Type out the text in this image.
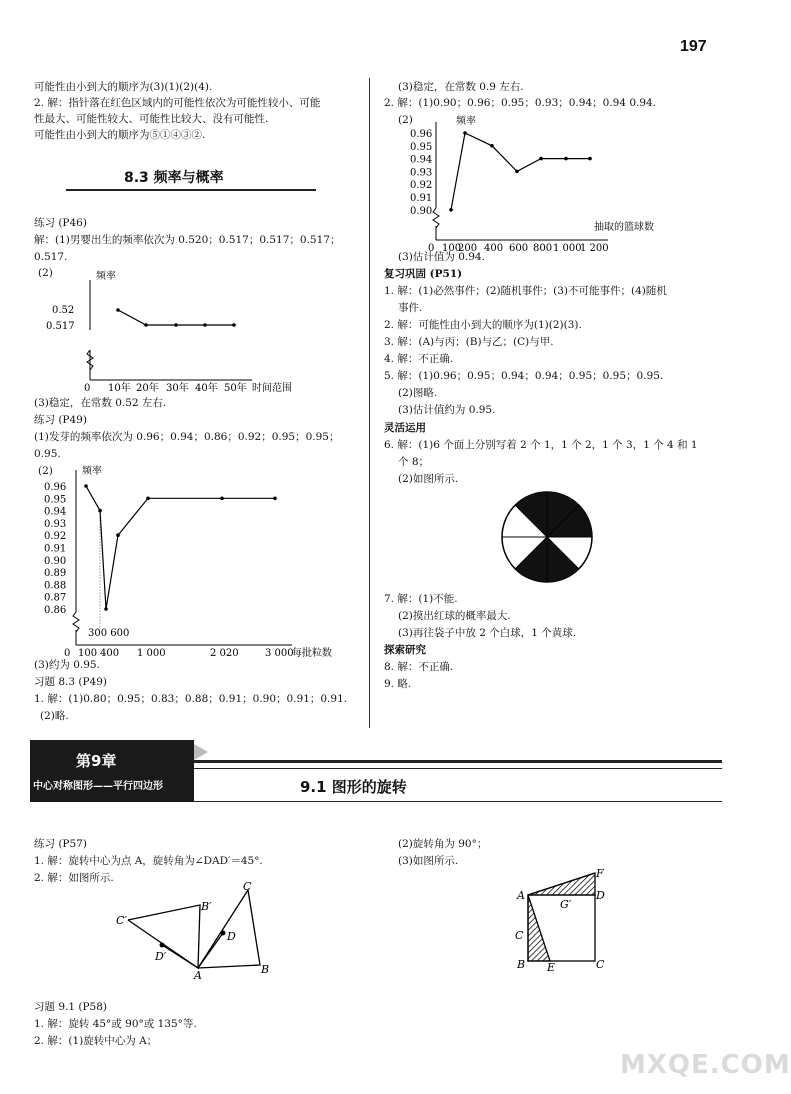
197
可能性由小到大的顺序为(3)(1)(2)(4).
2. 解：指针落在红色区域内的可能性依次为可能性较小、可能
性最大、可能性较大、可能性比较大、没有可能性.
可能性由小到大的顺序为⑤①④③②.
8.3 频率与概率
练习 (P46)
解：(1)男婴出生的频率依次为 0.520；0.517；0.517；0.517；
0.517.
(2)	频率
0.52
0.517
0 10年 20年 30年 40年 50年 时间范围
频率
0.96
0.95
0.94
0.93
0.92
0.91
0.90
0.89
0.88
0.87
0.86
0 100 400 1 000	2 020	3 000
300 600
每批粒数
(3)稳定，在常数 0.52 左右.
练习 (P49)
(1)发芽的频率依次为 0.96；0.94；0.86；0.92；0.95；0.95；
0.95.
(2)
(3)约为 0.95.
习题 8.3 (P49)
1. 解：(1)0.80；0.95；0.83；0.88；0.91；0.90；0.91；0.91.
(2)略.
(3)稳定，在常数 0.9 左右.
2. 解：(1)0.90；0.96；0.95；0.93；0.94；0.94 0.94.
(2)
(3)估计值为 0.94.
复习巩固 (P51)
1. 解：(1)必然事件；(2)随机事件；(3)不可能事件；(4)随机
事件.
2. 解：可能性由小到大的顺序为(1)(2)(3).
3. 解：(A)与丙；(B)与乙；(C)与甲.
4. 解：不正确.
5. 解：(1)0.96；0.95；0.94；0.94；0.95；0.95；0.95.
(2)图略.
(3)估计值约为 0.95.
灵活运用
6. 解：(1)6 个面上分别写着 2 个 1，1 个 2，1 个 3，1 个 4 和 1
个 8；
(2)如图所示.
7. 解：(1)不能.
(2)摸出红球的概率最大.
(3)再往袋子中放 2 个白球，1 个黄球.
探索研究
8. 解：不正确.
9. 略.
第9章
中心对称图形——平行四边形	9.1 图形的旋转
练习 (P57)
1. 解：旋转中心为点 A，旋转角为∠DAD′＝45°.
2. 解：如图所示.
C′
B′
C
D
D′
A	B
习题 9.1 (P58)
1. 解：旋转 45°或 90°或 135°等.
2. 解：(1)旋转中心为 A；
(2)旋转角为 90°；
(3)如图所示.
F
A	D
G′
C
B E	C
MXQE.COM
频率
0.96
0.95
0.94
0.93
0.92
0.91
0.90
0 100
200 400 600 800 1 000
1 200
抽取的篮球数
